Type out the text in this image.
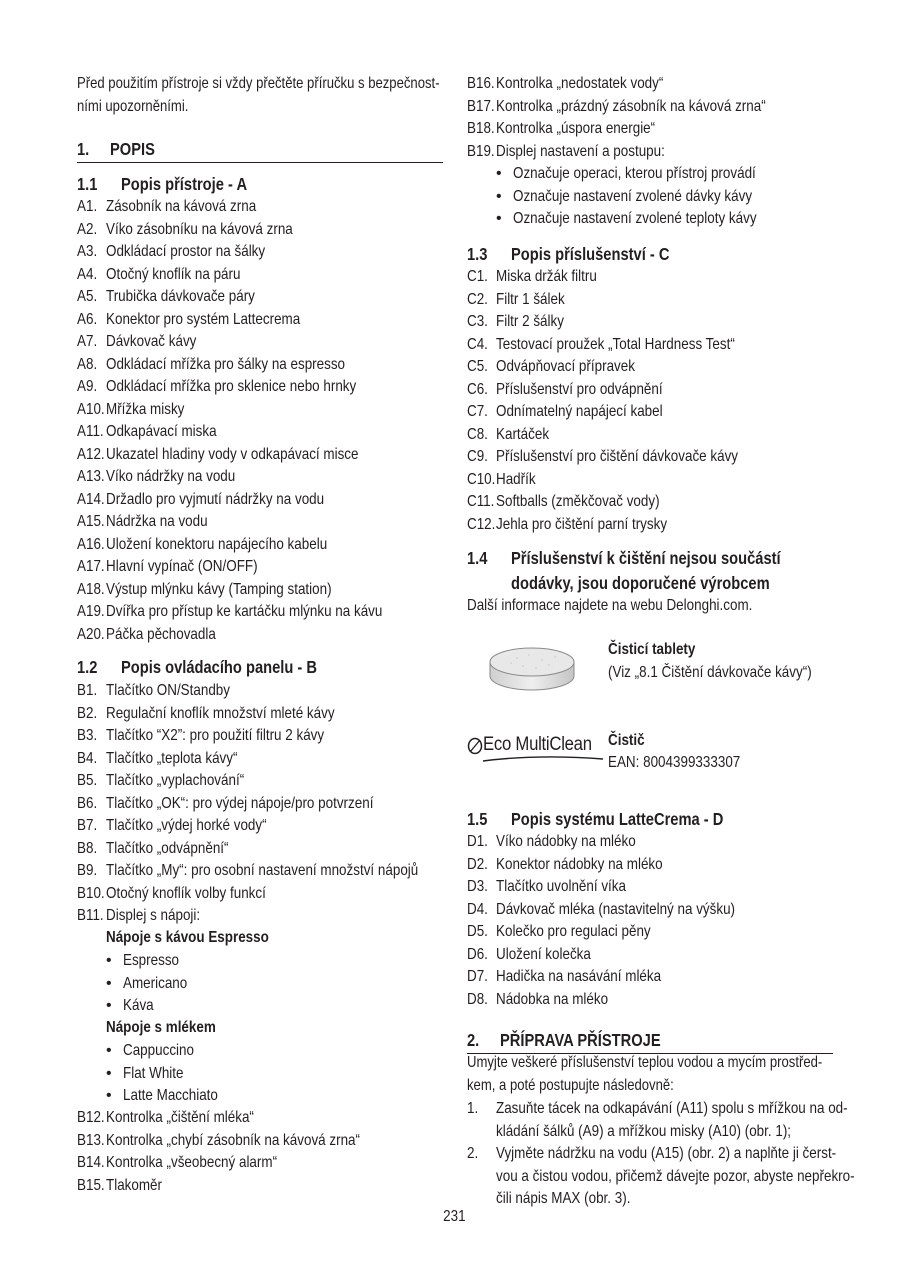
Před použitím přístroje si vždy přečtěte příručku s bezpečnost-
ními upozorněními.
1. POPIS
1.1 Popis přístroje - A
A1. Zásobník na kávová zrna
A2. Víko zásobníku na kávová zrna
A3. Odkládací prostor na šálky
A4. Otočný knoflík na páru
A5. Trubička dávkovače páry
A6. Konektor pro systém Lattecrema
A7. Dávkovač kávy
A8. Odkládací mřížka pro šálky na espresso
A9. Odkládací mřížka pro sklenice nebo hrnky
A10. Mřížka misky
A11. Odkapávací miska
A12. Ukazatel hladiny vody v odkapávací misce
A13. Víko nádržky na vodu
A14. Držadlo pro vyjmutí nádržky na vodu
A15. Nádržka na vodu
A16. Uložení konektoru napájecího kabelu
A17. Hlavní vypínač (ON/OFF)
A18. Výstup mlýnku kávy (Tamping station)
A19. Dvířka pro přístup ke kartáčku mlýnku na kávu
A20. Páčka pěchovadla
1.2 Popis ovládacího panelu - B
B1. Tlačítko ON/Standby
B2. Regulační knoflík množství mleté kávy
B3. Tlačítko “X2”: pro použití filtru 2 kávy
B4. Tlačítko „teplota kávy“
B5. Tlačítko „vyplachování“
B6. Tlačítko „OK“: pro výdej nápoje/pro potvrzení
B7. Tlačítko „výdej horké vody“
B8. Tlačítko „odvápnění“
B9. Tlačítko „My“: pro osobní nastavení množství nápojů
B10. Otočný knoflík volby funkcí
B11. Displej s nápoji:
Nápoje s kávou Espresso
• Espresso
• Americano
• Káva
Nápoje s mlékem
• Cappuccino
• Flat White
• Latte Macchiato
B12. Kontrolka „čištění mléka“
B13. Kontrolka „chybí zásobník na kávová zrna“
B14. Kontrolka „všeobecný alarm“
B15. Tlakoměr
B16. Kontrolka „nedostatek vody“
B17. Kontrolka „prázdný zásobník na kávová zrna“
B18. Kontrolka „úspora energie“
B19. Displej nastavení a postupu:
• Označuje operaci, kterou přístroj provádí
• Označuje nastavení zvolené dávky kávy
• Označuje nastavení zvolené teploty kávy
1.3 Popis příslušenství - C
C1. Miska držák filtru
C2. Filtr 1 šálek
C3. Filtr 2 šálky
C4. Testovací proužek „Total Hardness Test“
C5. Odvápňovací přípravek
C6. Příslušenství pro odvápnění
C7. Odnímatelný napájecí kabel
C8. Kartáček
C9. Příslušenství pro čištění dávkovače kávy
C10. Hadřík
C11. Softballs (změkčovač vody)
C12. Jehla pro čištění parní trysky
1.4 Příslušenství k čištění nejsou součástí
dodávky, jsou doporučené výrobcem
Další informace najdete na webu Delonghi.com.
Čisticí tablety
(Viz „8.1 Čištění dávkovače kávy“)
Eco MultiClean	Čistič
EAN: 8004399333307
1.5 Popis systému LatteCrema - D
D1. Víko nádobky na mléko
D2. Konektor nádobky na mléko
D3. Tlačítko uvolnění víka
D4. Dávkovač mléka (nastavitelný na výšku)
D5. Kolečko pro regulaci pěny
D6. Uložení kolečka
D7. Hadička na nasávání mléka
D8. Nádobka na mléko
2. PŘÍPRAVA PŘÍSTROJE
Umyjte veškeré příslušenství teplou vodou a mycím prostřed-
kem, a poté postupujte následovně:
1. Zasuňte tácek na odkapávání (A11) spolu s mřížkou na od-
kládání šálků (A9) a mřížkou misky (A10) (obr. 1);
2. Vyjměte nádržku na vodu (A15) (obr. 2) a naplňte ji čerst-
vou a čistou vodou, přičemž dávejte pozor, abyste nepřekro-
čili nápis MAX (obr. 3).
231
